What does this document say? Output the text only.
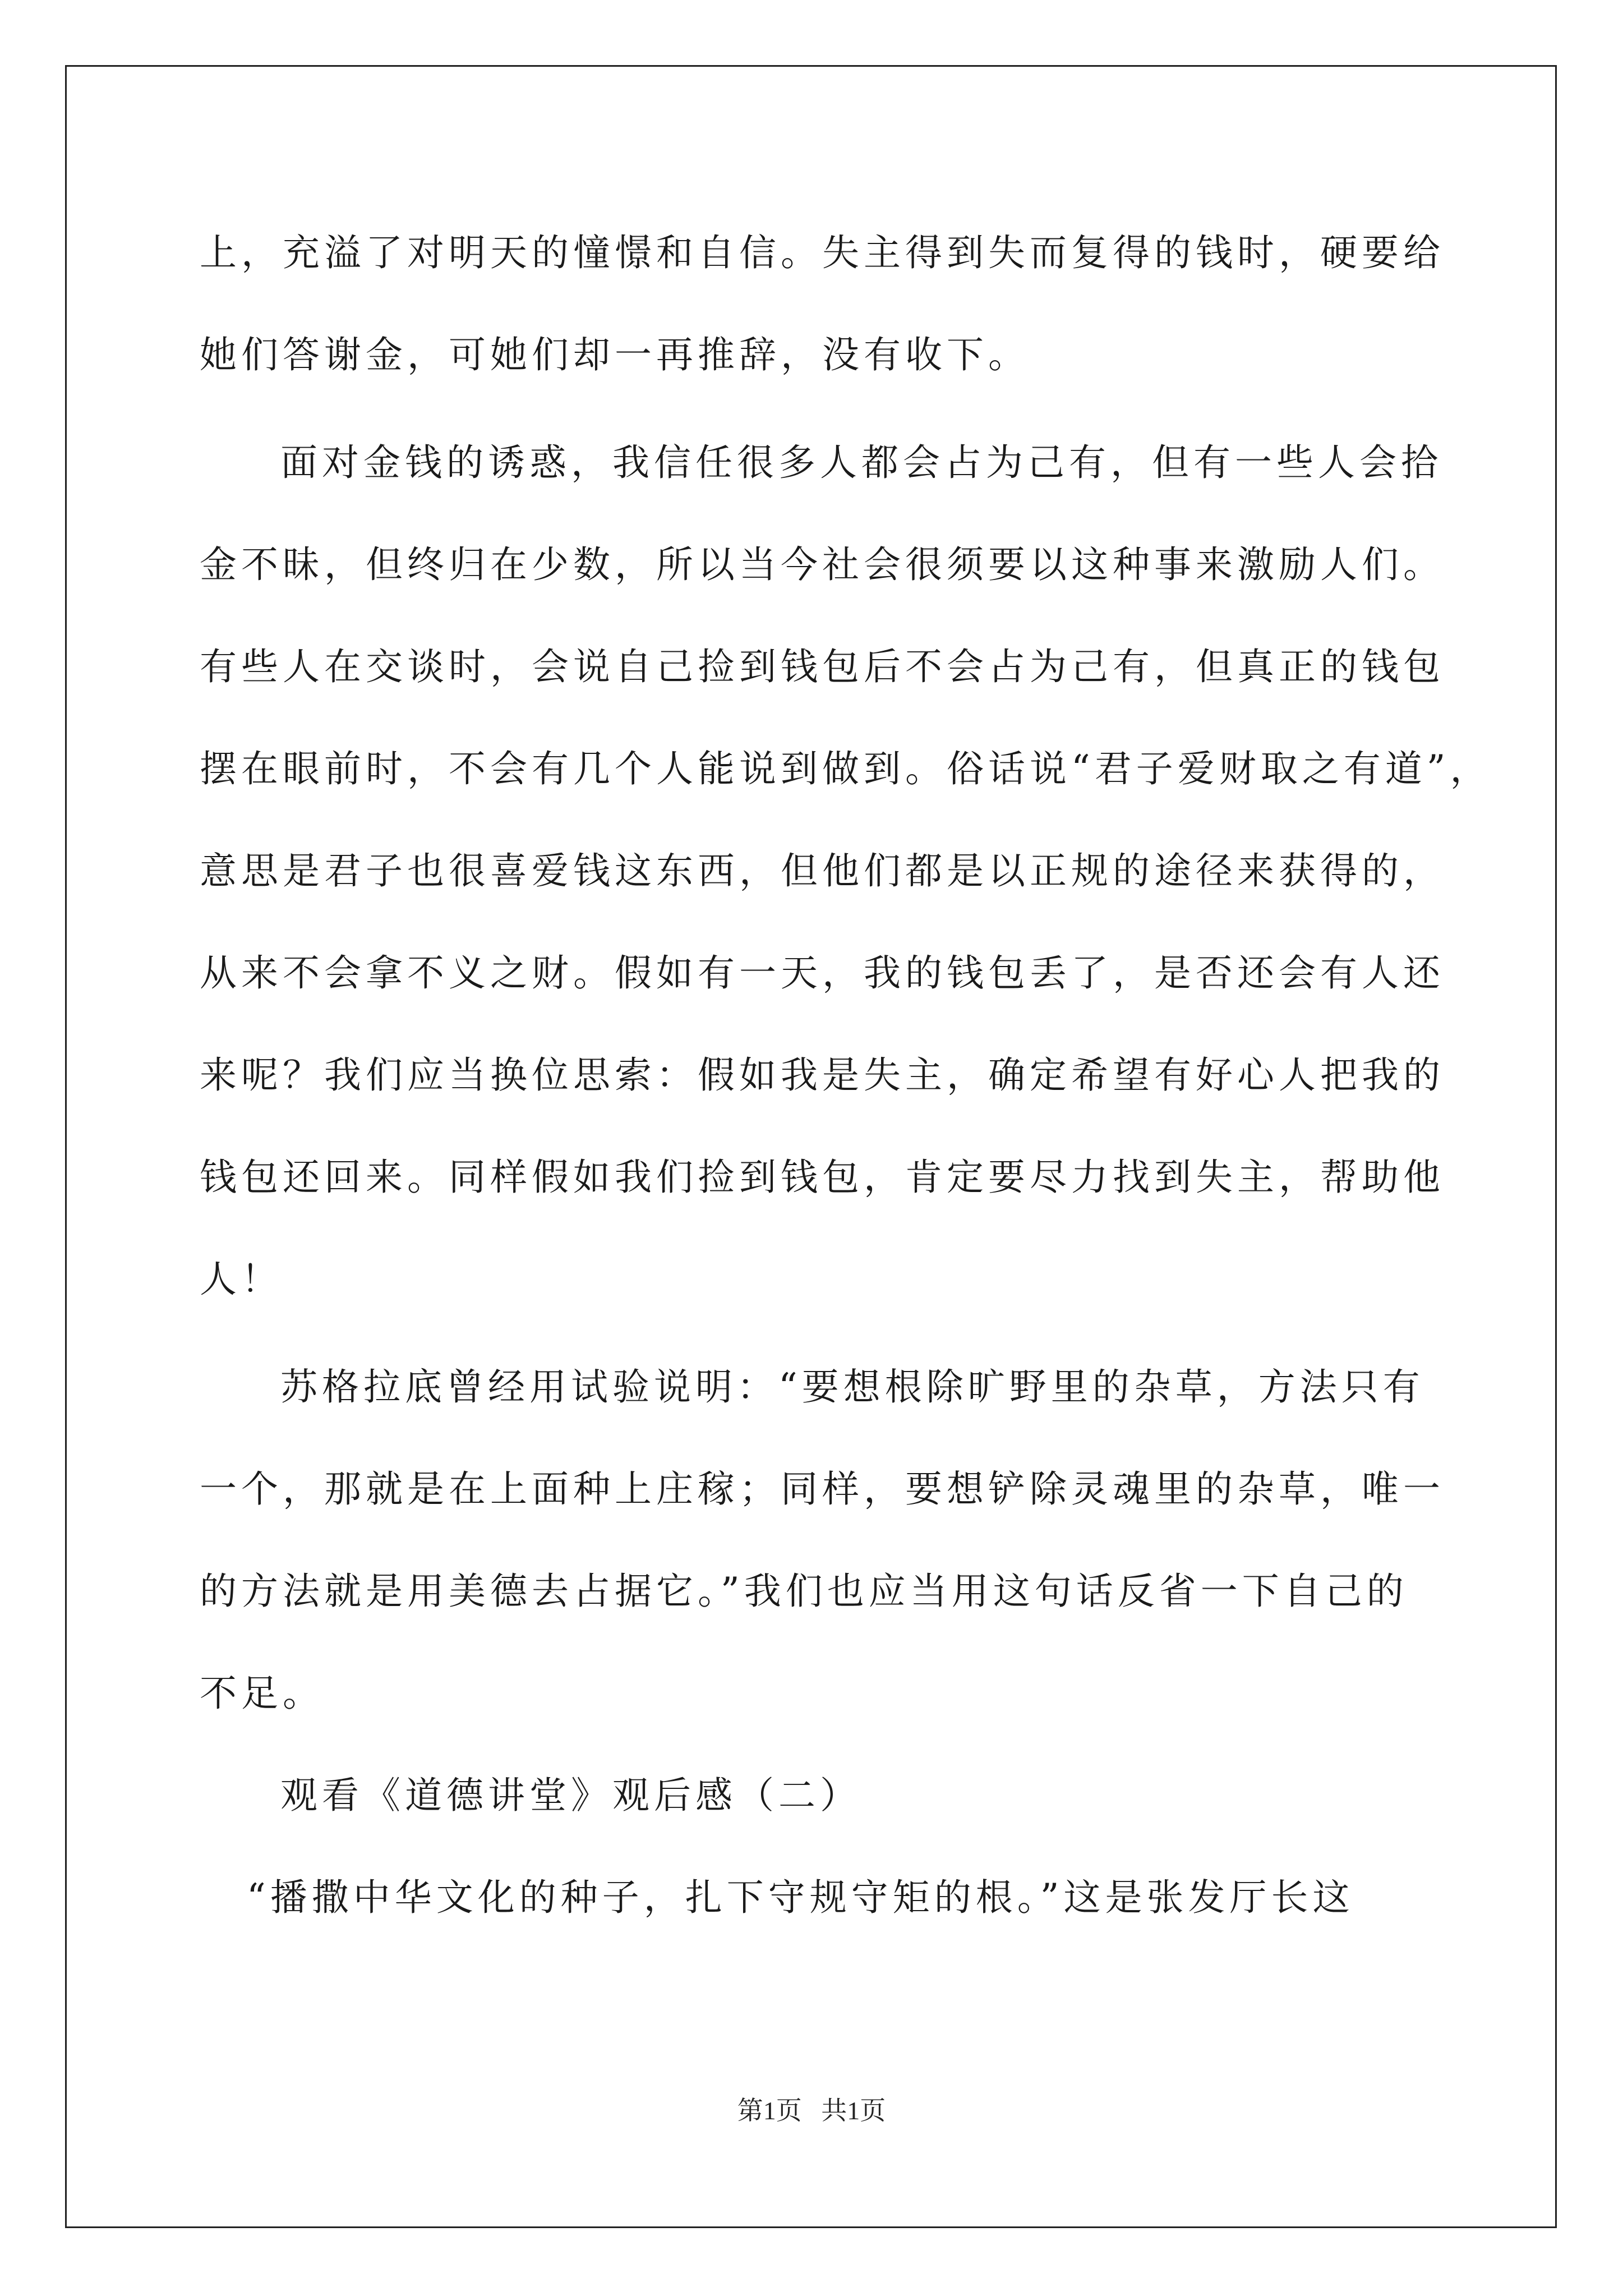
上，充溢了对明天的憧憬和自信。失主得到失而复得的钱时，硬要给
她们答谢金，可她们却一再推辞，没有收下。
面对金钱的诱惑，我信任很多人都会占为己有，但有一些人会拾
金不昧，但终归在少数，所以当今社会很须要以这种事来激励人们。
有些人在交谈时，会说自己捡到钱包后不会占为己有，但真正的钱包
摆在眼前时，不会有几个人能说到做到。俗话说“君子爱财取之有道”，
意思是君子也很喜爱钱这东西，但他们都是以正规的途径来获得的，
从来不会拿不义之财。假如有一天，我的钱包丢了，是否还会有人还
来呢？我们应当换位思索：假如我是失主，确定希望有好心人把我的
钱包还回来。同样假如我们捡到钱包，肯定要尽力找到失主，帮助他
人！
苏格拉底曾经用试验说明：“要想根除旷野里的杂草，方法只有
一个，那就是在上面种上庄稼；同样，要想铲除灵魂里的杂草，唯一
的方法就是用美德去占据它。”我们也应当用这句话反省一下自己的
不足。
观看《道德讲堂》观后感（二）
“播撒中华文化的种子，扎下守规守矩的根。”这是张发厅长这
第1页   共1页
